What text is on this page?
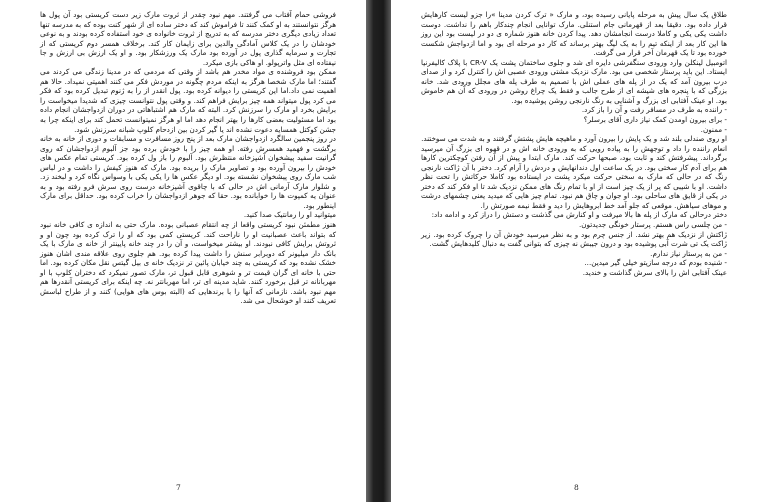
فروشی حمام آفتاب می گرفتند. مهم نبود چقدر از ثروت مارک زیر دست کریستی بود آن پول ها هرگز نتوانستند به او کمک کنند تا فراموش کند که دختر ساده ای از شهر کنت بوده که به مدرسه تنها تعداد زیادی دیگری دختر مدرسه که به تدریج از ثروت خانواده ی خود استفاده کرده بودند و به نوعی خودشان را در یک کلاس آمادگی والدین برای زایمان کار کند. برخلاف همسر دوم کریستی که از تجارت و سرمایه گذاری پول در آورده بود مارک یک ورزشکار بود. و او یک ارزش بی ارزش و جا نیفتاده ای مثل واترپولو. او هاکی بازی میکرد.

ممکن بود فروشنده ی مواد مخدر هم باشد از وقتی که مردمی که در مدینا زندگی می کردند می گفتند؛ اما مارک شخصا هرگز به اینکه مردم چگونه در موردش فکر می کنند اهمیتی نمیداد. حالا هم اهمیت نمی داد.اما این کریستی را دیوانه کرده بود. پول انقدر از را به ژنوم تبدیل کرده بود که فکر می کرد پول میتواند همه چیز برایش فراهم کند. و وقتی پول نتوانست چیزی که شدیدا میخواست را برایش بخرد او مارک را سرزنش کرد. البته که مارک هم اشتباهاتی در دوران ازدواجشان انجام داده بود اما مسئولیت بعضی کارها را بهتر انجام دهد اما او هرگز نمیتوانست تحمل کند برای اینکه چرا به جشن کوکتل همسایه دعوت نشده اند یا گیر کردن بین ازدحام کلوپ شبانه سرزنش شود.

در روز پنجمین سالگرد ازدواجشان مارک بعد از پنج روز مسافرت و مسابقات و دوری از خانه به خانه برگشت و فهمید همسرش رفته. او همه چیز را با خودش برده بود جز آلبوم ازدواجشان که روی گرانیت سفید پیشخوان آشپزخانه منتظرش بود. آلبوم را باز ول کرده بود. کریستی تمام عکس های خودش را بیرون آورده بود و تصاویر مارک را بریده بود. مارک که هنوز کیفش را داشت و در لباس شب مارک روی پیشخوان نشسته بود. او دیگر عکس ها را یکی یکی با وسواس نگاه کرد و لبخند زد. و شلوار مارک آرمانی اش در حالی که با چاقوی آشپزخانه درست روی سرش فرو رفته بود و به عنوان یه کمپوت ها را خوابانده بود. حقا که جوهر ازدواجشان را خراب کرده بود. حداقل برای مارک اینطور بود.

میتوانید او را رمانتیک صدا کنید.

هنوز مطمئن نبود کریستی واقعا از چه انتقام عصبانی بوده. مارک حتی به اندازه ی کافی خانه نبود که بتواند باعث عصبانیت او را ناراحت کند. کریستی کمی بود که او را ترک کرده بود چون او و ثروتش برایش کافی نبودند. او بیشتر میخواست، و آن را در چند خانه پایینتر از خانه ی مارک با یک بانک دار میلیونر که دوبرابر سنش را داشت پیدا کرده بود. هم جلوی روی علاقه مندی اشان هنوز خشک نشده بود که کریستی به چند خیابان پائین تر نزدیک خانه ی بیل گیتس نقل مکان کرده بود. اما حتی با خانه ای گران قیمت تر و شوهری قابل قبول تر، مارک تصور نمیکرد که دختران کلوپ با او مهربانانه تر قبل برخورد کنند. شاید مدینه ای تر، اما مهربانتر نه. چه اینکه برای کریستی آنقدرها هم مهم نبود باشد. نازمانی که آنها را با برندهایی که (البته بوس های هوایی) کنند و از طراح لباسش تعریف کنند او خوشحال می شد.

7

طلاق یک سال پیش به مرحله پایانی رسیده بود، و مارک « ترک کردن مدینا »را جزو لیست کارهایش قرار داده بود. دقیقا بعد از قهرمانی جام استنلی. مارک توانایی انجام چندکار باهم را نداشت. دوست داشت یکی یکی و کاملا درست انجامشان دهد. پیدا کردن خانه هنوز شماره ی دو در لیست بود این روز ها این کار بعد از اینکه تیم را به یک لیگ بهتر برساند که کار دو مرحله ای بود و اما ازدواجش شکست خورده بود تا یک قهرمان آخر قرار می گرفت.

اتومبیل لینکلن وارد ورودی سنگفرشی دایره ای شد و جلوی ساختمان پشت یک CR-V با پلاک کالیفرنیا ایستاد. این باید پرستار شخصی می بود. مارک نزدیک مشتی ورودی عصبی اش را کنترل کرد و از صدای درب بیرون آمد که یک در از پله های عملی اش با تصمیم به طرف پله های مجلل ورودی شد. خانه بزرگی که با پنجره های شیشه ای از طرح جالب و فقط یک چراغ روشن در ورودی که آن هم خاموش بود. او عینک آفتابی ای بزرگ و آشنایی به رنگ نارنجی روشن پوشیده بود.

- راننده به طرف در مسافر رفت و آن را باز کرد.

- برای بیرون اومدن کمک نیاز داری آقای برسلر؟

- ممنون.

او روی صندلی بلند شد و یک پایش را بیرون آورد و ماهیچه هایش پشتش گرفتند و به شدت می سوختند.

انعام راننده را داد و توجهش را به پیاده رویی که به ورودی خانه اش و در قهوه ای بزرگ آن میرسید برگرداند. پیشرفتش کند و ثابت بود، صبحها حرکت کند. مارک ابتدا و پیش از آن رفتن کوچکترین کارها هم برای آدم کار سختی بود. در یک ساعت اول دندانهایش و دردش را آرام کرد. دختر با آن ژاکت نارنجی رنگ که در حالی که مارک به سختی حرکت میکرد پشت در ایستاده بود کاملا حرکاتش را تحت نظر داشت. او با شیبی که پر از یک چیز است از او با تمام رنگ های ممکن نزدیک شد تا او فکر کند که دختر در یکی از قایق های ساحلی بود. او جوان و چاق هم نبود. تمام چیز هایی که میدید یعنی چشمهای درشت و موهای سیاهش. موقعی که جلو آمد خط ابروهایش را دید و فقط نیمه صورتش را.

دختر درحالی که مارک از پله ها بالا میرفت و او کنارش می گذشت و دستش را دراز کرد و ادامه داد:

- من چلسی راس هستم. پرستار خونگی جدیدتون.

ژاکتش از نزدیک هم بهتر نشد. از جنس چرم بود و به نظر میرسید خودش آن را چروک کرده بود. زیر ژاکت یک تی شرت آبی پوشیده بود و درون جیبش نه چیزی که بتوانی گفت به دنبال کلیدهایش گشت.

- من به پرستار نیاز ندارم.

- شنیده بودم که درجه سازیتو خیلی گیر میدین...

عینک آفتابی اش را بالای سرش گذاشت و خندید.

8
